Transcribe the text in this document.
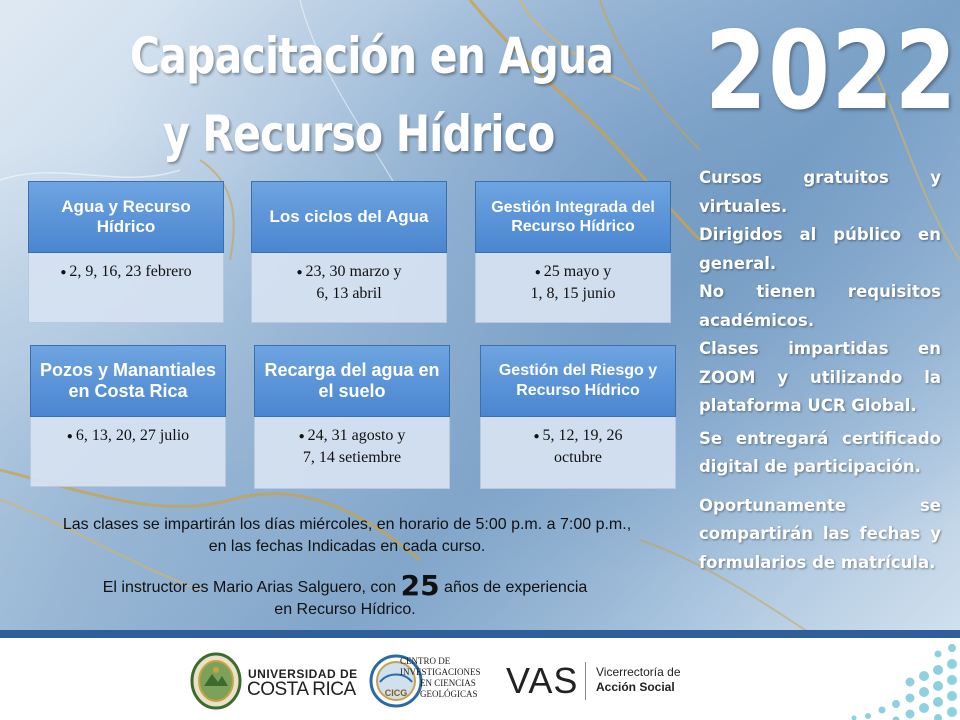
Capacitación en Agua
y Recurso Hídrico 2022
Agua y Recurso Hídrico
● 2, 9, 16, 23 febrero
Los ciclos del Agua
● 23, 30 marzo y
6, 13 abril
Gestión Integrada del Recurso Hídrico
● 25 mayo y
1, 8, 15 junio
Pozos y Manantiales en Costa Rica
● 6, 13, 20, 27 julio
Recarga del agua en el suelo
● 24, 31 agosto y
7, 14 setiembre
Gestión del Riesgo y Recurso Hídrico
● 5, 12, 19, 26
octubre

Cursos gratuitos y virtuales.

Dirigidos al público en general.

No tienen requisitos académicos.

Clases impartidas en ZOOM y utilizando la plataforma UCR Global.

Se entregará certificado digital de participación.

Oportunamente se compartirán las fechas y formularios de matrícula.

Las clases se impartirán los días miércoles, en horario de 5:00 p.m. a 7:00 p.m.,
en las fechas Indicadas en cada curso.
El instructor es Mario Arias Salguero, con 25 años de experiencia
en Recurso Hídrico.
UNIVERSIDAD DE
COSTA RICA	CICG
CENTRO DE
INVESTIGACIONES
EN CIENCIAS
GEOLÓGICAS VAS Vicerrectoría de
Acción Social
